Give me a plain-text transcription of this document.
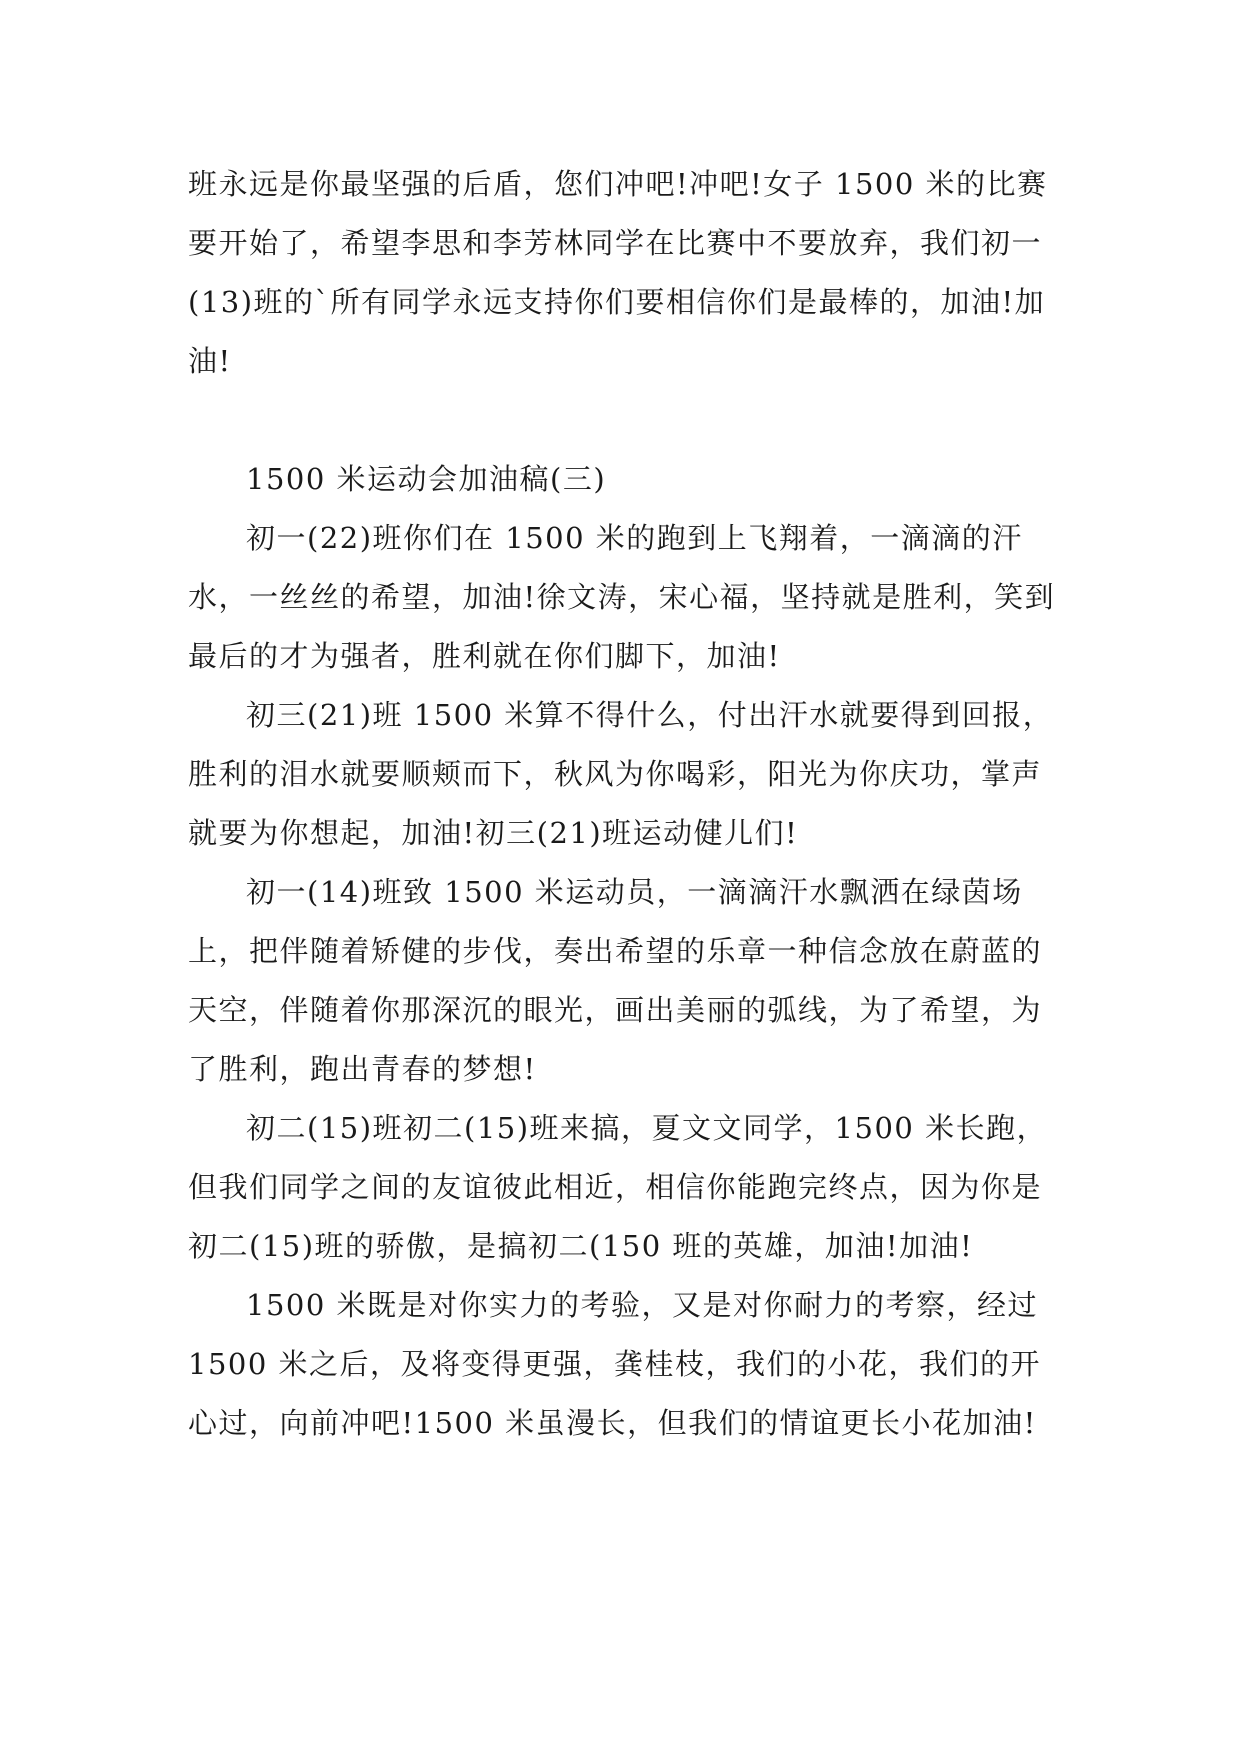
班永远是你最坚强的后盾，您们冲吧!冲吧!女子 1500 米的比赛要开始了，希望李思和李芳林同学在比赛中不要放弃，我们初一(13)班的`所有同学永远支持你们要相信你们是最棒的，加油!加油!

1500 米运动会加油稿(三)

初一(22)班你们在 1500 米的跑到上飞翔着，一滴滴的汗水，一丝丝的希望，加油!徐文涛，宋心福，坚持就是胜利，笑到最后的才为强者，胜利就在你们脚下，加油!

初三(21)班 1500 米算不得什么，付出汗水就要得到回报，胜利的泪水就要顺颊而下，秋风为你喝彩，阳光为你庆功，掌声就要为你想起，加油!初三(21)班运动健儿们!

初一(14)班致 1500 米运动员，一滴滴汗水飘洒在绿茵场上，把伴随着矫健的步伐，奏出希望的乐章一种信念放在蔚蓝的天空，伴随着你那深沉的眼光，画出美丽的弧线，为了希望，为了胜利，跑出青春的梦想!

初二(15)班初二(15)班来搞，夏文文同学，1500 米长跑，但我们同学之间的友谊彼此相近，相信你能跑完终点，因为你是初二(15)班的骄傲，是搞初二(150 班的英雄，加油!加油!

1500 米既是对你实力的考验，又是对你耐力的考察，经过 1500 米之后，及将变得更强，龚桂枝，我们的小花，我们的开心过，向前冲吧!1500 米虽漫长，但我们的情谊更长小花加油!
